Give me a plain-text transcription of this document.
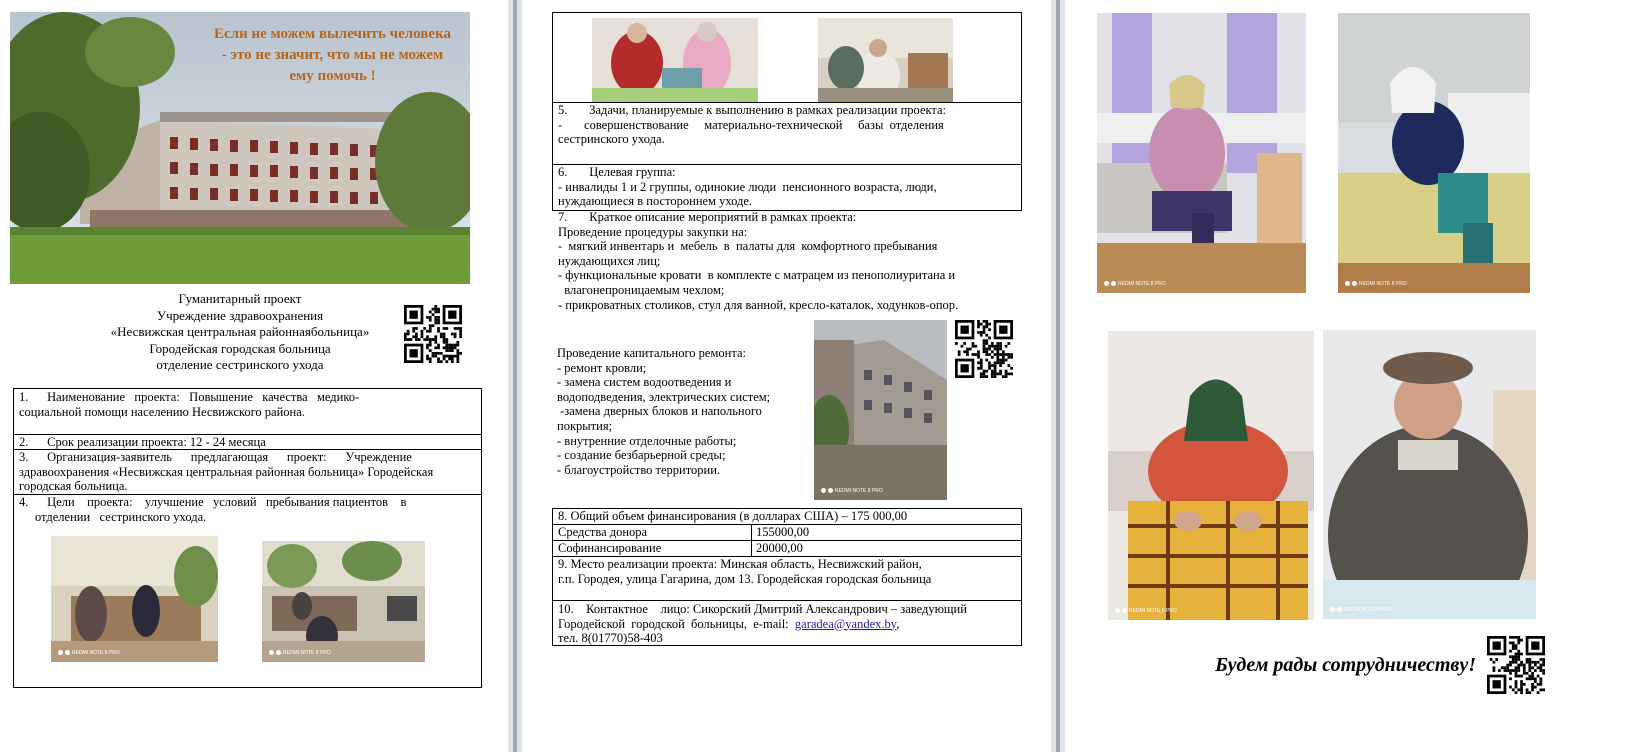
Если не можем вылечить человека
- это не значит, что мы не можем
ему помочь !
Гуманитарный проект
Учреждение здравоохранения
«Несвижская центральная районнаябольница»
Городейская городская больница
отделение сестринского ухода
1.      Наименование   проекта:   Повышение   качества   медико-
социальной помощи населению Несвижского района.
2.      Срок реализации проекта: 12 - 24 месяца
3.      Организация-заявитель      предлагающая      проект:      Учреждение
здравоохранения «Несвижская центральная районная больница» Городейская
городская больница.
4.      Цели    проекта:    улучшение   условий   пребывания пациентов    в
отделении   сестринского ухода.
REDMI NOTE 8 PRO	REDMI NOTE 8 PRO
5.       Задачи, планируемые к выполнению в рамках реализации проекта:
-       совершенствование     материально-технической     базы  отделения
сестринского ухода.
6.       Целевая группа:
- инвалиды 1 и 2 группы, одинокие люди  пенсионного возраста, люди,
нуждающиеся в постороннем уходе.
7.       Краткое описание мероприятий в рамках проекта:
Проведение процедуры закупки на:
-  мягкий инвентарь и  мебель  в  палаты для  комфортного пребывания
нуждающихся лиц;
- функциональные кровати  в комплекте с матрацем из пенополиуритана и
влагонепроницаемым чехлом;
- прикроватных столиков, стул для ванной, кресло-каталок, ходунков-опор.
Проведение капитального ремонта:
- ремонт кровли;
- замена систем водоотведения и
водоподведения, электрических систем;
-замена дверных блоков и напольного
покрытия;
- внутренние отделочные работы;
- создание безбарьерной среды;
- благоустройство территории.
REDMI NOTE 8 PRO
8. Общий объем финансирования (в долларах США) – 175 000,00
Средства донора	155000,00
Софинансирование	20000,00
9. Место реализации проекта: Минская область, Несвижский район,
г.п. Городея, улица Гагарина, дом 13. Городейская городская больница
10.    Контактное    лицо: Сикорский Дмитрий Александрович – заведующий
Городейской  городской  больницы,  e-mail:  garadea@yandex.by,
тел. 8(01770)58-403
REDMI NOTE 8 PRO	REDMI NOTE 8 PRO
REDMI NOTE 8 PRO	REDMI NOTE 8 PRO
Будем рады сотрудничеству!
